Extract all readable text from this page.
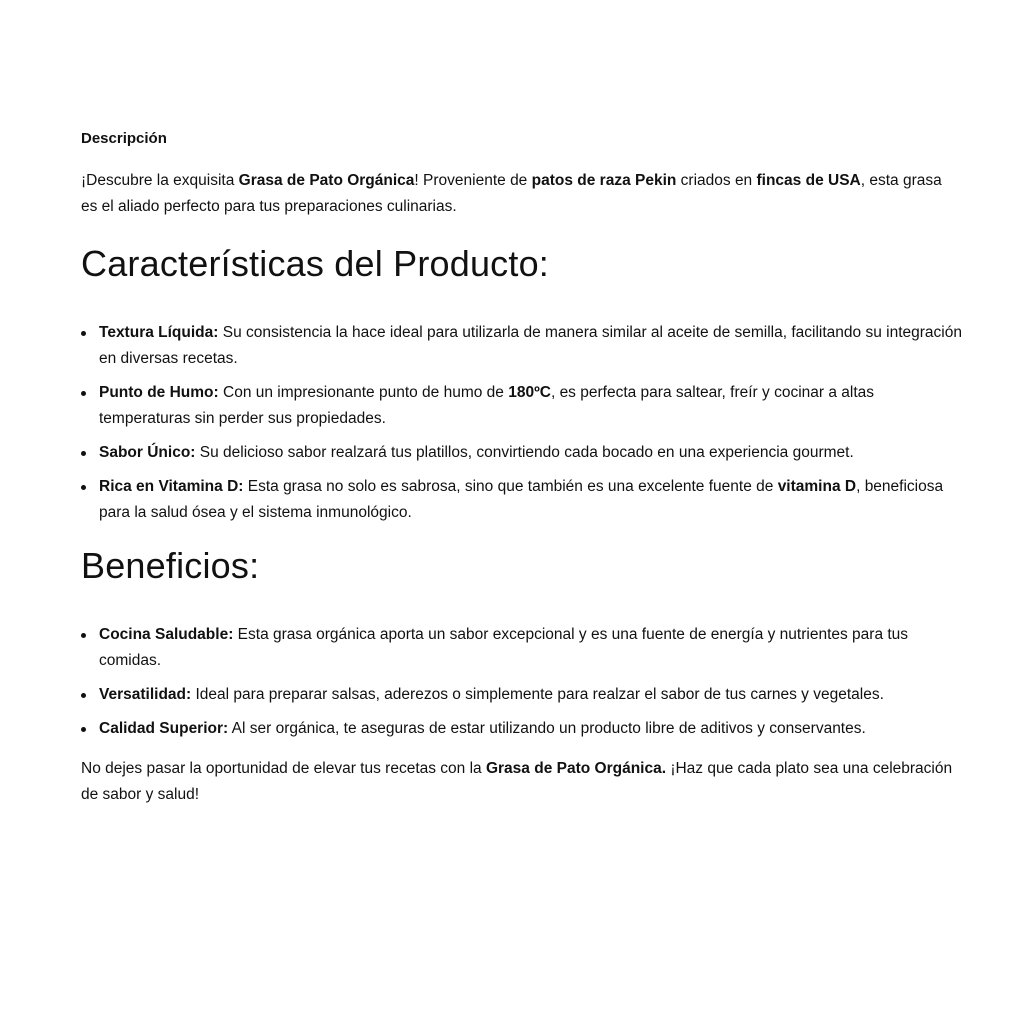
Descripción

¡Descubre la exquisita Grasa de Pato Orgánica! Proveniente de patos de raza Pekin criados en fincas de USA, esta grasa es el aliado perfecto para tus preparaciones culinarias.

Características del Producto:
Textura Líquida: Su consistencia la hace ideal para utilizarla de manera similar al aceite de semilla, facilitando su integración en diversas recetas.
Punto de Humo: Con un impresionante punto de humo de 180ºC, es perfecta para saltear, freír y cocinar a altas temperaturas sin perder sus propiedades.
Sabor Único: Su delicioso sabor realzará tus platillos, convirtiendo cada bocado en una experiencia gourmet.
Rica en Vitamina D: Esta grasa no solo es sabrosa, sino que también es una excelente fuente de vitamina D, beneficiosa para la salud ósea y el sistema inmunológico.
Beneficios:
Cocina Saludable: Esta grasa orgánica aporta un sabor excepcional y es una fuente de energía y nutrientes para tus comidas.
Versatilidad: Ideal para preparar salsas, aderezos o simplemente para realzar el sabor de tus carnes y vegetales.
Calidad Superior: Al ser orgánica, te aseguras de estar utilizando un producto libre de aditivos y conservantes.

No dejes pasar la oportunidad de elevar tus recetas con la Grasa de Pato Orgánica. ¡Haz que cada plato sea una celebración de sabor y salud!
